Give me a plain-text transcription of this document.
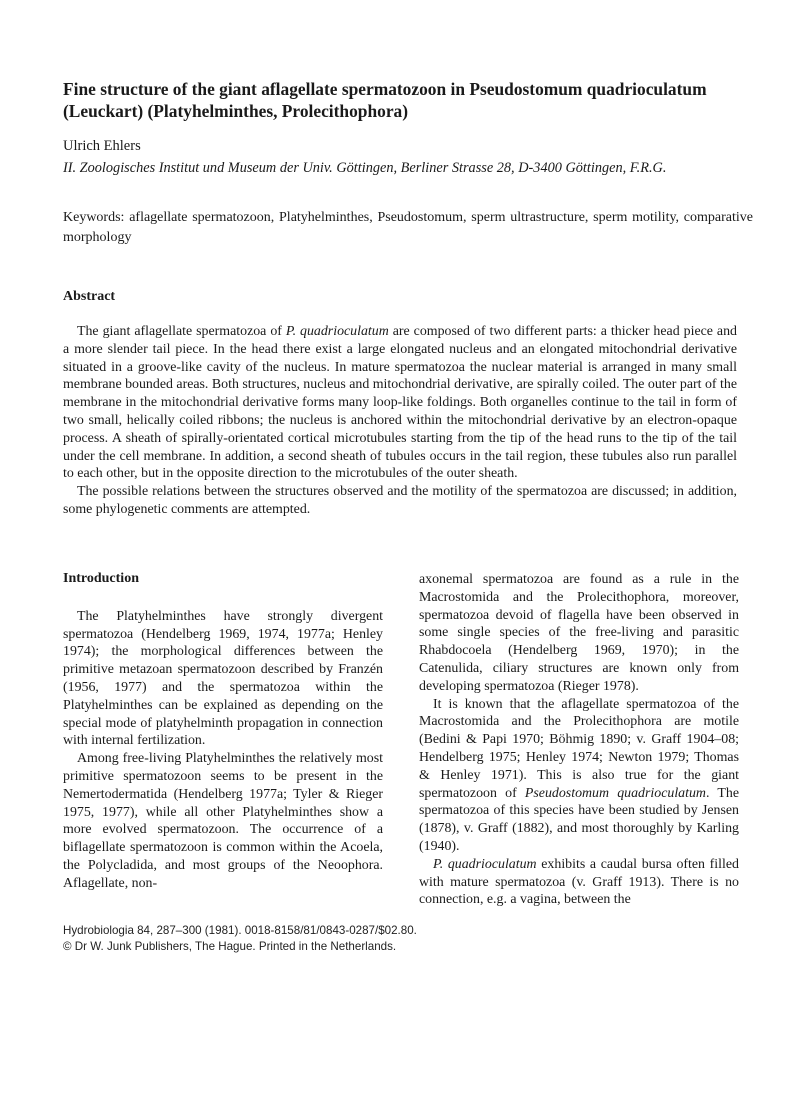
Fine structure of the giant aflagellate spermatozoon in Pseudostomum quadrioculatum (Leuckart) (Platyhelminthes, Prolecithophora)
Ulrich Ehlers
II. Zoologisches Institut und Museum der Univ. Göttingen, Berliner Strasse 28, D-3400 Göttingen, F.R.G.

Keywords: aflagellate spermatozoon, Platyhelminthes, Pseudostomum, sperm ultrastructure, sperm motility, comparative morphology

Abstract

The giant aflagellate spermatozoa of P. quadrioculatum are composed of two different parts: a thicker head piece and a more slender tail piece. In the head there exist a large elongated nucleus and an elongated mitochondrial derivative situated in a groove-like cavity of the nucleus. In mature spermatozoa the nuclear material is arranged in many small membrane bounded areas. Both structures, nucleus and mitochondrial derivative, are spirally coiled. The outer part of the membrane in the mitochondrial derivative forms many loop-like foldings. Both organelles continue to the tail in form of two small, helically coiled ribbons; the nucleus is anchored within the mitochondrial derivative by an electron-opaque process. A sheath of spirally-orientated cortical microtubules starting from the tip of the head runs to the tip of the tail under the cell membrane. In addition, a second sheath of tubules occurs in the tail region, these tubules also run parallel to each other, but in the opposite direction to the microtubules of the outer sheath.

The possible relations between the structures observed and the motility of the spermatozoa are discussed; in addition, some phylogenetic comments are attempted.

Introduction

The Platyhelminthes have strongly divergent spermatozoa (Hendelberg 1969, 1974, 1977a; Henley 1974); the morphological differences between the primitive metazoan spermatozoon described by Franzén (1956, 1977) and the spermatozoa within the Platyhelminthes can be explained as depending on the special mode of platyhelminth propagation in connection with internal fertilization.

Among free-living Platyhelminthes the relatively most primitive spermatozoon seems to be present in the Nemertodermatida (Hendelberg 1977a; Tyler & Rieger 1975, 1977), while all other Platyhelminthes show a more evolved spermatozoon. The occurrence of a biflagellate spermatozoon is common within the Acoela, the Polycladida, and most groups of the Neoophora. Aflagellate, non-

axonemal spermatozoa are found as a rule in the Macrostomida and the Prolecithophora, moreover, spermatozoa devoid of flagella have been observed in some single species of the free-living and parasitic Rhabdocoela (Hendelberg 1969, 1970); in the Catenulida, ciliary structures are known only from developing spermatozoa (Rieger 1978).

It is known that the aflagellate spermatozoa of the Macrostomida and the Prolecithophora are motile (Bedini & Papi 1970; Böhmig 1890; v. Graff 1904–08; Hendelberg 1975; Henley 1974; Newton 1979; Thomas & Henley 1971). This is also true for the giant spermatozoon of Pseudostomum quadrioculatum. The spermatozoa of this species have been studied by Jensen (1878), v. Graff (1882), and most thoroughly by Karling (1940).

P. quadrioculatum exhibits a caudal bursa often filled with mature spermatozoa (v. Graff 1913). There is no connection, e.g. a vagina, between the

Hydrobiologia 84, 287–300 (1981). 0018-8158/81/0843-0287/$02.80.
© Dr W. Junk Publishers, The Hague. Printed in the Netherlands.
